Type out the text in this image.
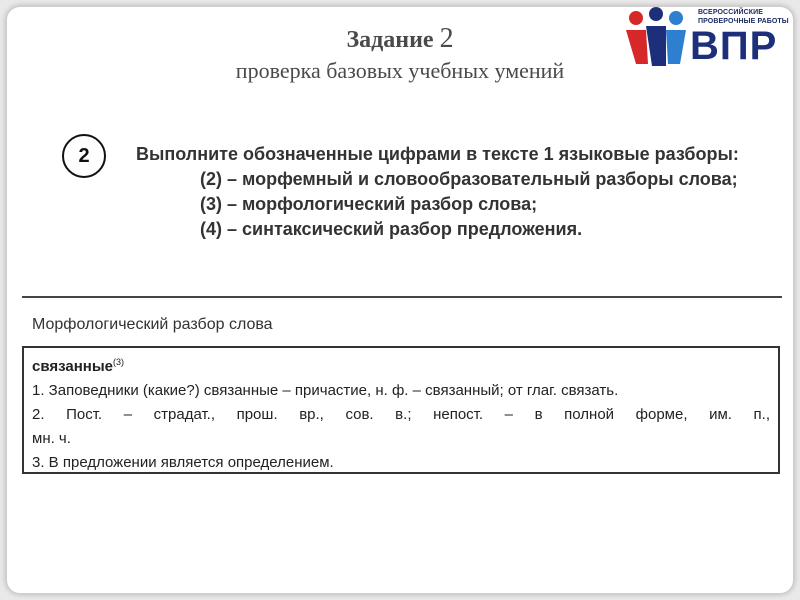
Задание 2
проверка базовых учебных умений
ВСЕРОССИЙСКИЕ
ПРОВЕРОЧНЫЕ РАБОТЫ
ВПР
2	Выполните обозначенные цифрами в тексте 1 языковые разборы:
(2) – морфемный и словообразовательный разборы слова;
(3) – морфологический разбор слова;
(4) – синтаксический разбор предложения.
Морфологический разбор слова
связанные$^{(3)}$
1. Заповедники (какие?) связанные – причастие, н. ф. – связанный; от глаг. связать.
2. Пост. – страдат., прош. вр., сов. в.; непост. – в полной форме, им. п.,
мн. ч.
3. В предложении является определением.
